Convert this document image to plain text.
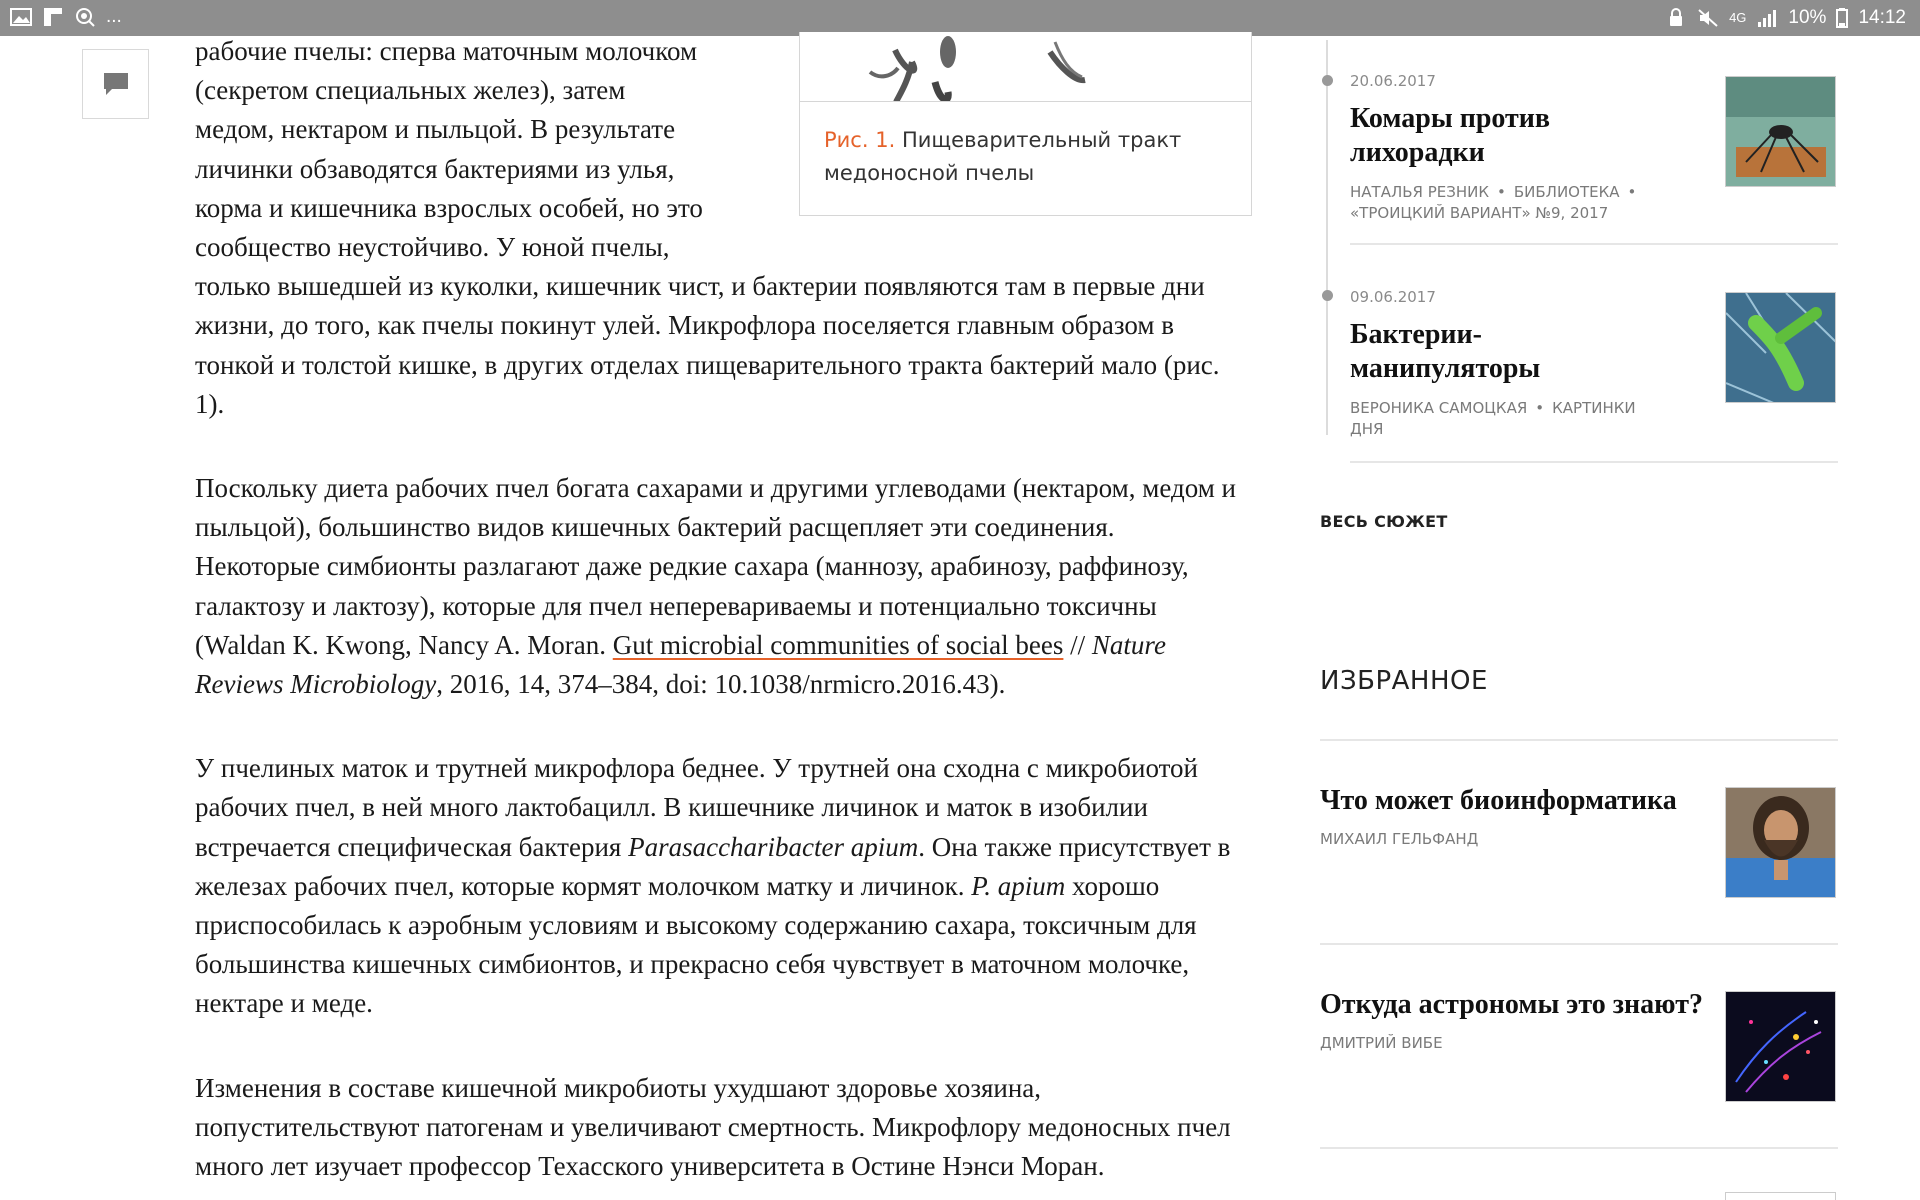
...	4G 10% 14:12
Рис. 1. Пищеварительный тракт медоносной пчелы

рабочие пчелы: сперва маточным молочком
(секретом специальных желез), затем
медом, нектаром и пыльцой. В результате
личинки обзаводятся бактериями из улья,
корма и кишечника взрослых особей, но это
сообщество неустойчиво. У юной пчелы,
только вышедшей из куколки, кишечник чист, и бактерии появляются там в первые дни жизни, до того, как пчелы покинут улей. Микрофлора поселяется главным образом в тонкой и толстой кишке, в других отделах пищеварительного тракта бактерий мало (рис. 1).

Поскольку диета рабочих пчел богата сахарами и другими углеводами (нектаром, медом и пыльцой), большинство видов кишечных бактерий расщепляет эти соединения. Некоторые симбионты разлагают даже редкие сахара (маннозу, арабинозу, раффинозу, галактозу и лактозу), которые для пчел неперевариваемы и потенциально токсичны (Waldan K. Kwong, Nancy A. Moran. Gut microbial communities of social bees // Nature Reviews Microbiology, 2016, 14, 374–384, doi: 10.1038/nrmicro.2016.43).

У пчелиных маток и трутней микрофлора беднее. У трутней она сходна с микробиотой рабочих пчел, в ней много лактобацилл. В кишечнике личинок и маток в изобилии встречается специфическая бактерия Parasaccharibacter apium. Она также присутствует в железах рабочих пчел, которые кормят молочком матку и личинок. P. apium хорошо приспособилась к аэробным условиям и высокому содержанию сахара, токсичным для большинства кишечных симбионтов, и прекрасно себя чувствует в маточном молочке, нектаре и меде.

Изменения в составе кишечной микробиоты ухудшают здоровье хозяина, попустительствуют патогенам и увеличивают смертность. Микрофлору медоносных пчел много лет изучает профессор Техасского университета в Остине Нэнси Моран.

20.06.2017
Комары против лихорадки
НАТАЛЬЯ РЕЗНИК • БИБЛИОТЕКА •«ТРОИЦКИЙ ВАРИАНТ» №9, 2017
09.06.2017
Бактерии-манипуляторы
ВЕРОНИКА САМОЦКАЯ • КАРТИНКИ ДНЯ
ВЕСЬ СЮЖЕТ
ИЗБРАННОЕ
Что может биоинформатика
МИХАИЛ ГЕЛЬФАНД
Откуда астрономы это знают?
ДМИТРИЙ ВИБЕ
